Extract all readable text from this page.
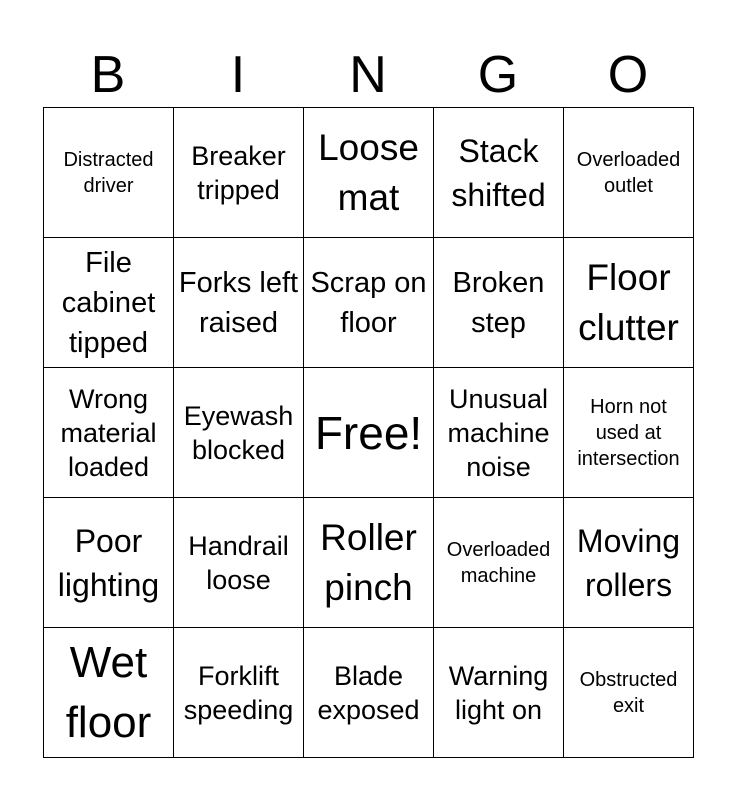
B	I	N	G	O
Distracted driver	Breaker tripped	Loose mat	Stack shifted	Overloaded outlet

File cabinet tipped	Forks left raised	Scrap on floor	Broken step	Floor clutter

Wrong material loaded	Eyewash blocked	Free!	Unusual machine noise	Horn not used at intersection

Poor lighting	Handrail loose	Roller pinch	Overloaded machine	Moving rollers

Wet floor	Forklift speeding	Blade exposed	Warning light on	Obstructed exit
